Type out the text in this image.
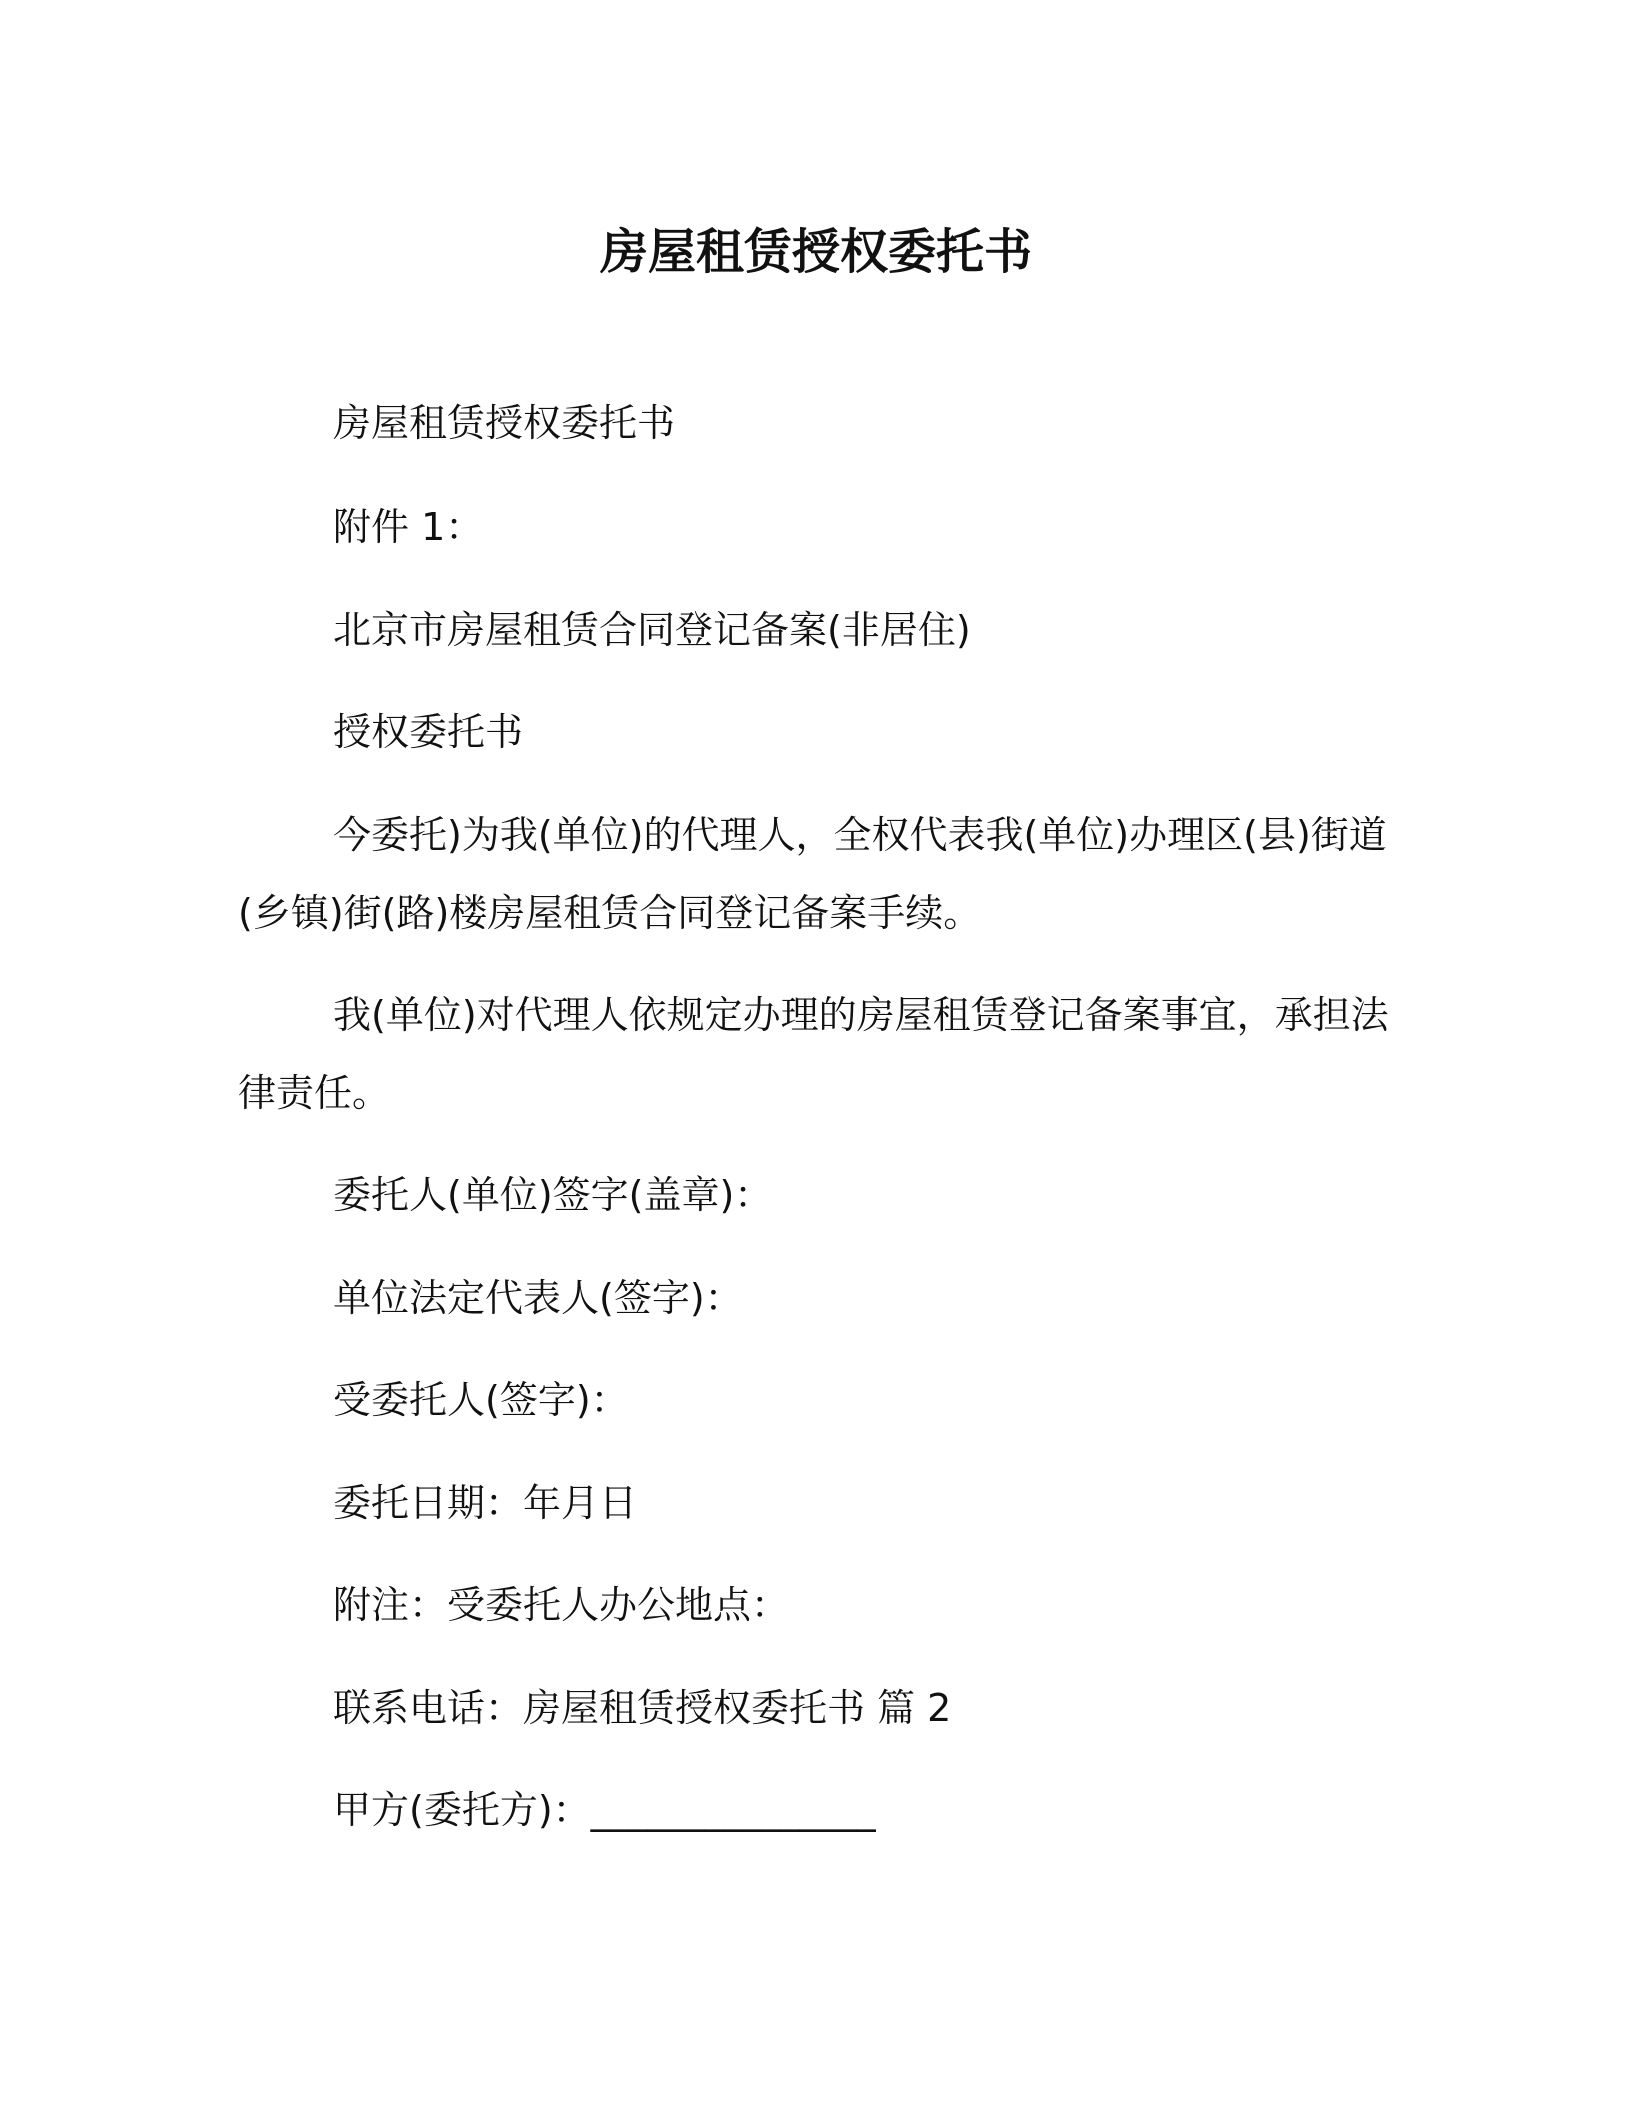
房屋租赁授权委托书
房屋租赁授权委托书
附件 1：
北京市房屋租赁合同登记备案(非居住)
授权委托书
今委托)为我(单位)的代理人，全权代表我(单位)办理区(县)街道
(乡镇)街(路)楼房屋租赁合同登记备案手续。
我(单位)对代理人依规定办理的房屋租赁登记备案事宜，承担法
律责任。
委托人(单位)签字(盖章)：
单位法定代表人(签字)：
受委托人(签字)：
委托日期：年月日
附注：受委托人办公地点：
联系电话：房屋租赁授权委托书 篇 2
甲方(委托方)：_______________
